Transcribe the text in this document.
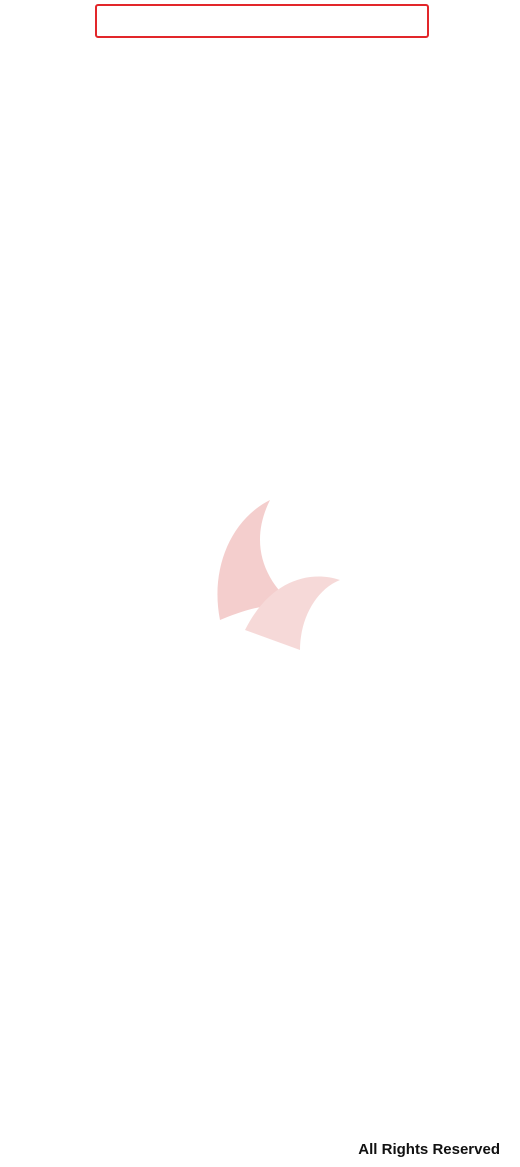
All Rights Reserved
